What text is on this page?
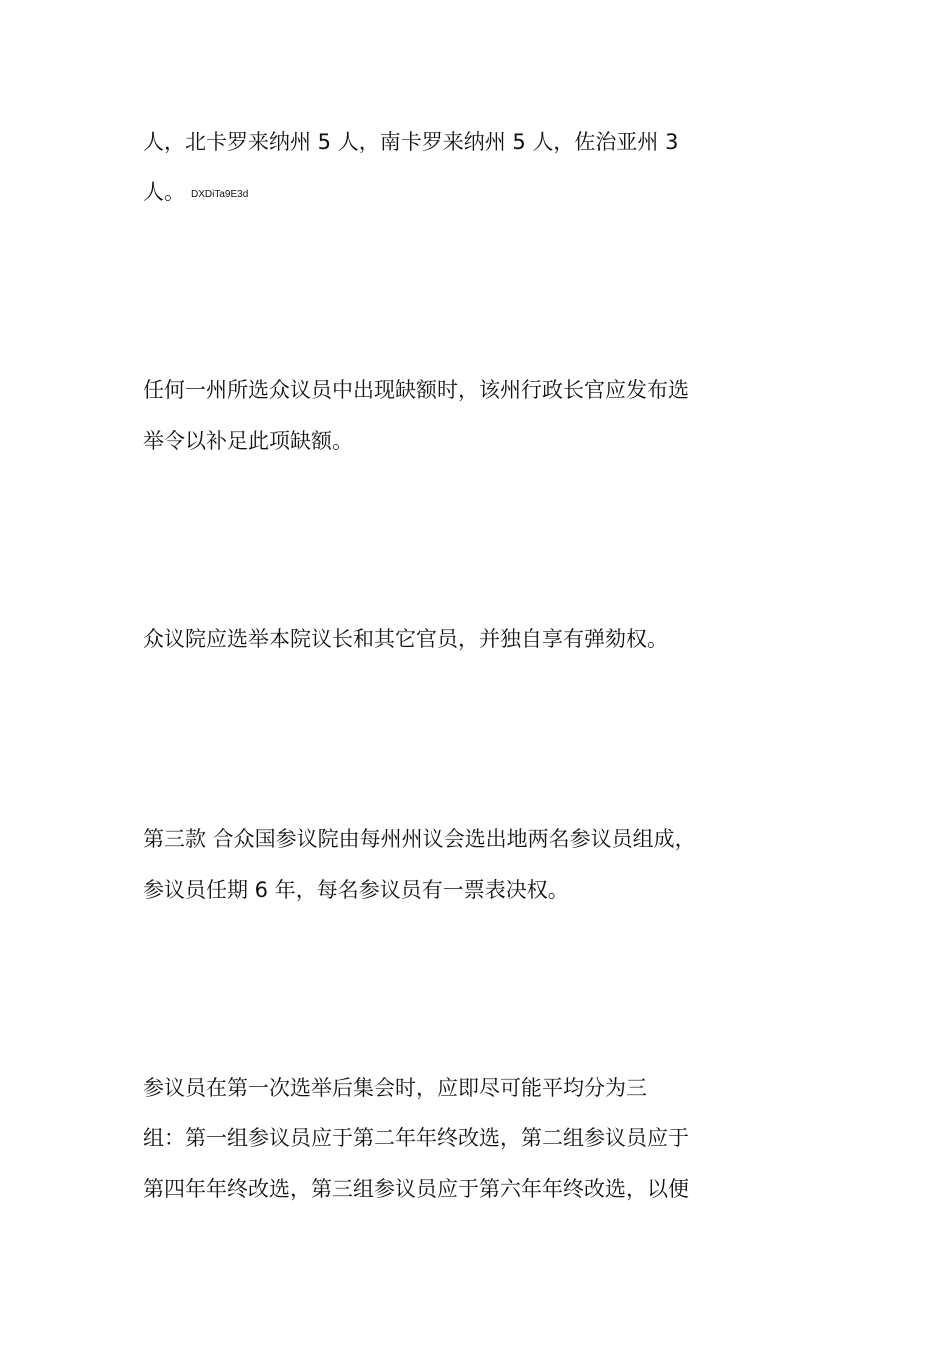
人，北卡罗来纳州 5 人，南卡罗来纳州 5 人，佐治亚州 3
人。 DXDiTa9E3d
任何一州所选众议员中出现缺额时，该州行政长官应发布选
举令以补足此项缺额。
众议院应选举本院议长和其它官员，并独自享有弹劾权。
第三款 合众国参议院由每州州议会选出地两名参议员组成，
参议员任期 6 年，每名参议员有一票表决权。
参议员在第一次选举后集会时，应即尽可能平均分为三
组：第一组参议员应于第二年年终改选，第二组参议员应于
第四年年终改选，第三组参议员应于第六年年终改选，以便
